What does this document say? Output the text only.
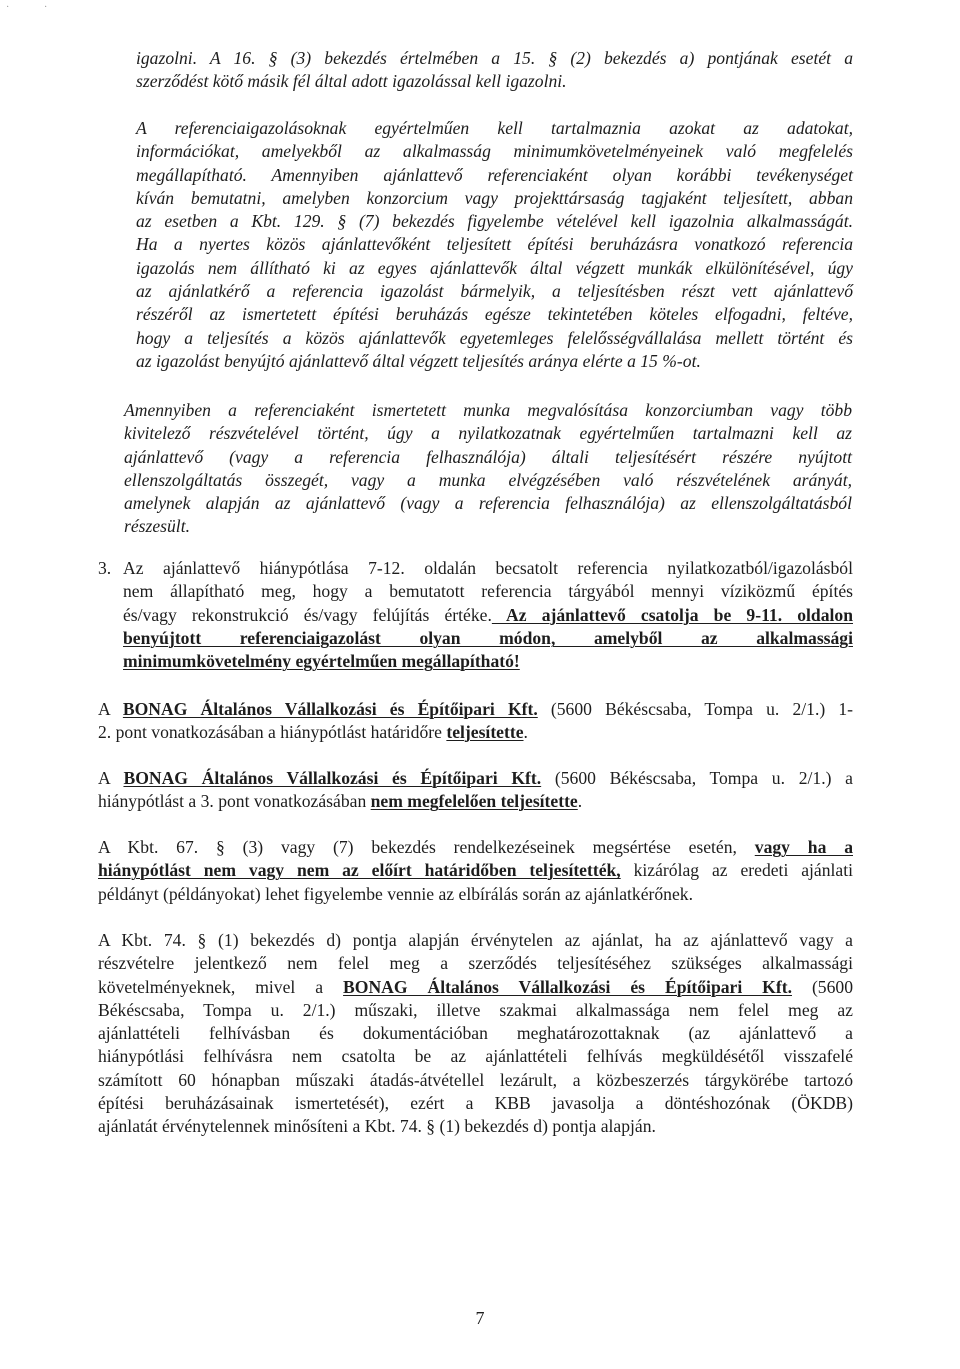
·	·
igazolni. A 16. § (3) bekezdés értelmében a 15. § (2) bekezdés a) pontjának esetét a
szerződést kötő másik fél által adott igazolással kell igazolni.
A referenciaigazolásoknak egyértelműen kell tartalmaznia azokat az adatokat,
információkat, amelyekből az alkalmasság minimumkövetelményeinek való megfelelés
megállapítható. Amennyiben ajánlattevő referenciaként olyan korábbi tevékenységet
kíván bemutatni, amelyben konzorcium vagy projekttársaság tagjaként teljesített, abban
az esetben a Kbt. 129. § (7) bekezdés figyelembe vételével kell igazolnia alkalmasságát.
Ha a nyertes közös ajánlattevőként teljesített építési beruházásra vonatkozó referencia
igazolás nem állítható ki az egyes ajánlattevők által végzett munkák elkülönítésével, úgy
az ajánlatkérő a referencia igazolást bármelyik, a teljesítésben részt vett ajánlattevő
részéről az ismertetett építési beruházás egésze tekintetében köteles elfogadni, feltéve,
hogy a teljesítés a közös ajánlattevők egyetemleges felelősségvállalása mellett történt és
az igazolást benyújtó ajánlattevő által végzett teljesítés aránya elérte a 15 %-ot.
Amennyiben a referenciaként ismertetett munka megvalósítása konzorciumban vagy több
kivitelező részvételével történt, úgy a nyilatkozatnak egyértelműen tartalmazni kell az
ajánlattevő (vagy a referencia felhasználója) általi teljesítésért részére nyújtott
ellenszolgáltatás összegét, vagy a munka elvégzésében való részvételének arányát,
amelynek alapján az ajánlattevő (vagy a referencia felhasználója) az ellenszolgáltatásból
részesült.
3. Az ajánlattevő hiánypótlása 7-12. oldalán becsatolt referencia nyilatkozatból/igazolásból
nem állapítható meg, hogy a bemutatott referencia tárgyából mennyi víziközmű építés
és/vagy rekonstrukció és/vagy felújítás értéke. Az ajánlattevő csatolja be 9-11. oldalon
benyújtott referenciaigazolást olyan módon, amelyből az alkalmassági
minimumkövetelmény egyértelműen megállapítható!
A BONAG Általános Vállalkozási és Építőipari Kft. (5600 Békéscsaba, Tompa u. 2/1.) 1-
2. pont vonatkozásában a hiánypótlást határidőre teljesítette.
A BONAG Általános Vállalkozási és Építőipari Kft. (5600 Békéscsaba, Tompa u. 2/1.) a
hiánypótlást a 3. pont vonatkozásában nem megfelelően teljesítette.
A Kbt. 67. § (3) vagy (7) bekezdés rendelkezéseinek megsértése esetén, vagy ha a
hiánypótlást nem vagy nem az előírt határidőben teljesítették, kizárólag az eredeti ajánlati
példányt (példányokat) lehet figyelembe vennie az elbírálás során az ajánlatkérőnek.
A Kbt. 74. § (1) bekezdés d) pontja alapján érvénytelen az ajánlat, ha az ajánlattevő vagy a
részvételre jelentkező nem felel meg a szerződés teljesítéséhez szükséges alkalmassági
követelményeknek, mivel a BONAG Általános Vállalkozási és Építőipari Kft. (5600
Békéscsaba, Tompa u. 2/1.) műszaki, illetve szakmai alkalmassága nem felel meg az
ajánlattételi felhívásban és dokumentációban meghatározottaknak (az ajánlattevő a
hiánypótlási felhívásra nem csatolta be az ajánlattételi felhívás megküldésétől visszafelé
számított 60 hónapban műszaki átadás-átvétellel lezárult, a közbeszerzés tárgykörébe tartozó
építési beruházásainak ismertetését), ezért a KBB javasolja a döntéshozónak (ÖKDB)
ajánlatát érvénytelennek minősíteni a Kbt. 74. § (1) bekezdés d) pontja alapján.
7
